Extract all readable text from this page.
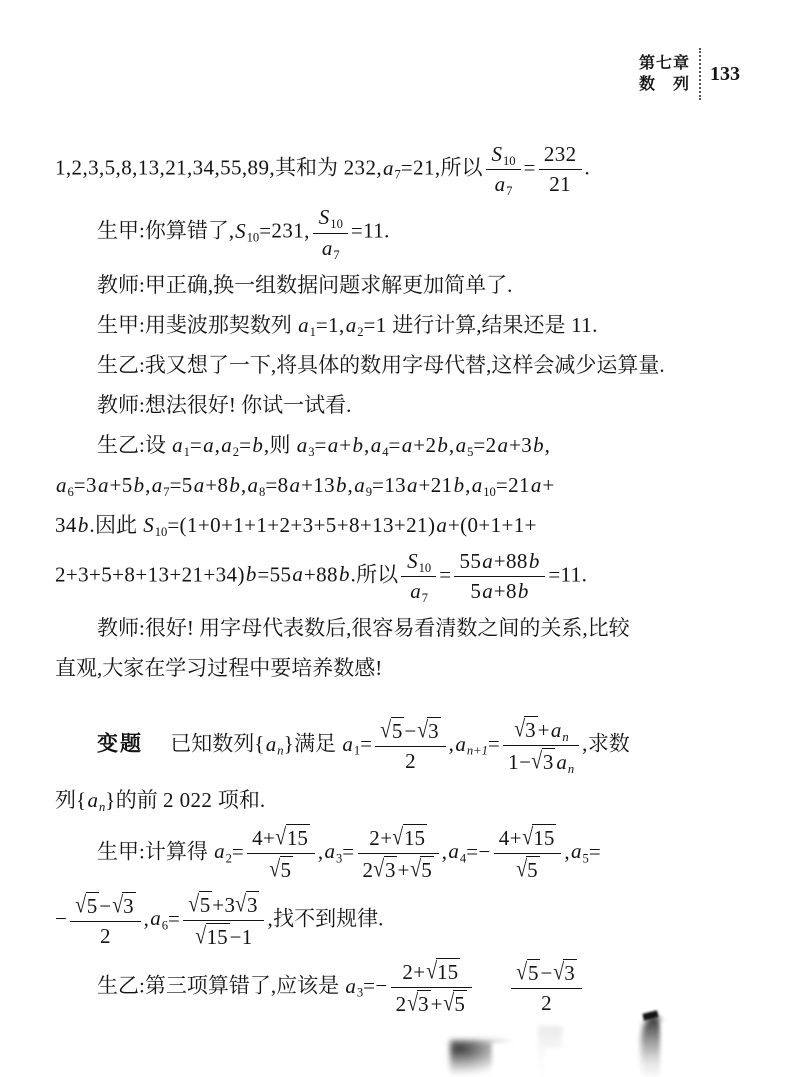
第七章
数　列	133
1,2,3,5,8,13,21,34,55,89,其和为 $232,a_7=21$,所以 $\frac{S_{10}}{a_7} = \frac{232}{21}$ .
生甲:你算错了$,S_{10}=231$, $\frac{S_{10}}{a_7} =11$.
教师:甲正确,换一组数据问题求解更加简单了.
生甲:用斐波那契数列 $a_1=1,a_2=1$ 进行计算,结果还是 11.
生乙:我又想了一下,将具体的数用字母代替,这样会减少运算量.
教师:想法很好! 你试一试看.
生乙:设 $a_1=a,a_2=b$,则 $a_3=a+b,a_4=a+2b,a_5=2a+3b$,
$a_6=3a+5b,a_7=5a+8b,a_8=8a+13b,a_9=13a+21b,a_{10}=21a+$
34b.因此 $S_{10}=(1+0+1+1+2+3+5+8+13+21)a+(0+1+1+$
2+3+5+8+13+21+34)b=55a+88b.所以 $\frac{S_{10}}{a_7} = \frac{55a+88b}{5a+8b} =11$.
教师:很好! 用字母代表数后,很容易看清数之间的关系,比较
直观,大家在学习过程中要培养数感!
变题 已知数列$\{a_n\}$满足 $a_1= \frac{√5-√3}{2} ,a_{n+1}= \frac{√3+a_n}{1-√3 a_n}$ ,求数
列$\{a_n\}$的前 2 022 项和.
生甲:计算得 $a_2= \frac{4+√15}{√5} ,a_3= \frac{2+√15}{2√3+√5} ,a_4=- \frac{4+√15}{√5} ,a_5=$
− $\frac{√5-√3}{2} ,a_6= \frac{√5+3√3}{√15-1}$ ,找不到规律.
生乙:第三项算错了,应该是 $a_3=- \frac{2+√15}{2√3+√5} \frac{√5-√3}{2}$
